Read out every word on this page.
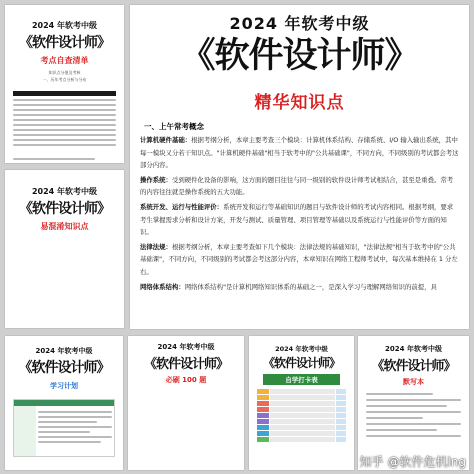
2024 年软考中级
《软件设计师》
考点自查清单
知识点分值及考核
一、历年考点分析与分布
2024 年软考中级
《软件设计师》
易混淆知识点
2024 年软考中级
《软件设计师》
学习计划
2024 年软考中级
《软件设计师》
必刷 100 题
2024 年软考中级
《软件设计师》
自学打卡表
2024 年软考中级
《软件设计师》
默写本
2024 年软考中级
《软件设计师》
精华知识点
一、上午常考概念
计算机硬件基础：根据考纲分析，本章主要考查三个模块：计算机体系结构、存储系统、I/O 输入输出系统，其中每一模块又分若干知识点。"计算机硬件基础"相当于软考中的"公共基础课"，不同方向，不同级别的考试都会考这部分内容。
操作系统：受到硬件化设备的影响，这方面的题目往往与同一级别的软件设计师考试相结合，甚至是重叠。常考的内容往往就是操作系统的五大功能。
系统开发、运行与性能评价：系统开发和运行等基础知识的题目与软件设计师的考试内容相同。根据考纲，要求考生掌握需求分析和设计方案，开发与测试、质量管理、项目管理等基础以及系统运行与性能评价等方面的知识。
法律法规：根据考纲分析，本章主要考查如下几个模块：法律法规的基础知识，"法律法规"相当于软考中的"公共基础课"，不同方向，不同级别的考试都会考这部分内容，本章知识在网络工程师考试中，每次基本维持在 1 分左右。
网络体系结构：网络体系结构"是计算机网络知识体系的基础之一，是深入学习与理解网络知识的前提，具
知乎 @软件危机lng
